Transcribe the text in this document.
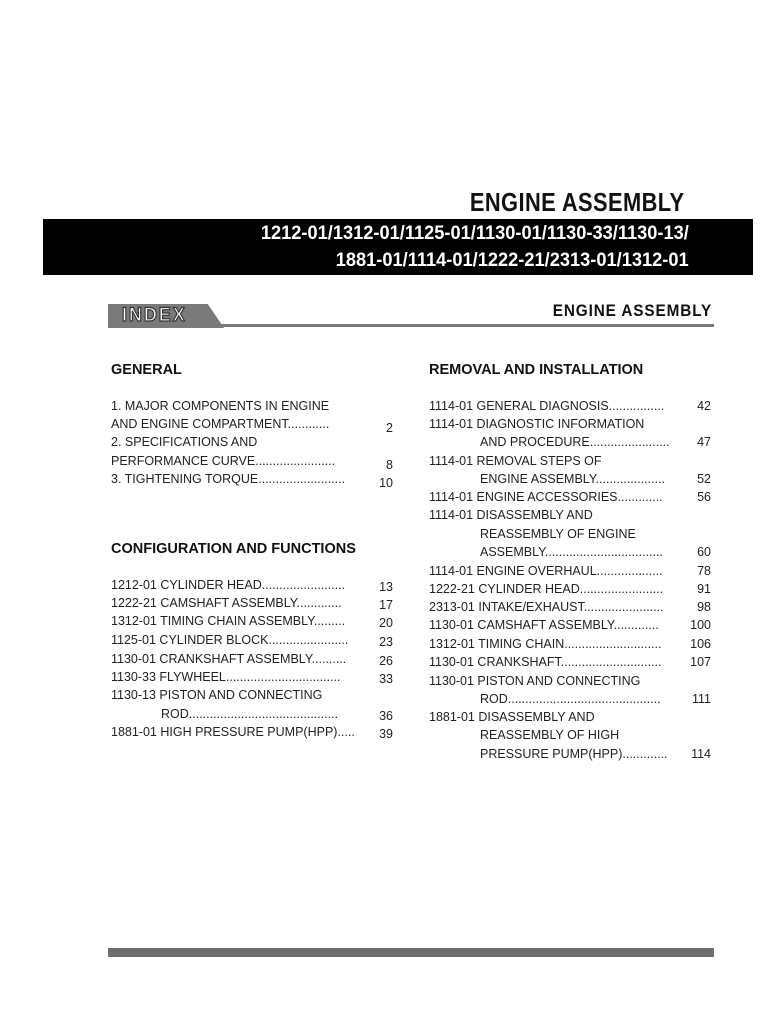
ENGINE ASSEMBLY
1212-01/1312-01/1125-01/1130-01/1130-33/1130-13/
1881-01/1114-01/1222-21/2313-01/1312-01
INDEX	ENGINE ASSEMBLY
GENERAL
1. MAJOR COMPONENTS IN ENGINE
AND ENGINE COMPARTMENT............	2
2. SPECIFICATIONS AND
PERFORMANCE CURVE.......................	8
3. TIGHTENING TORQUE.........................	10
CONFIGURATION AND FUNCTIONS
1212-01 CYLINDER HEAD........................	13
1222-21 CAMSHAFT ASSEMBLY.............	17
1312-01 TIMING CHAIN ASSEMBLY.........	20
1125-01 CYLINDER BLOCK.......................	23
1130-01 CRANKSHAFT ASSEMBLY..........	26
1130-33 FLYWHEEL.................................	33
1130-13 PISTON AND CONNECTING
ROD...........................................	36
1881-01 HIGH PRESSURE PUMP(HPP).....	39
REMOVAL AND INSTALLATION
1114-01 GENERAL DIAGNOSIS................	42
1114-01 DIAGNOSTIC INFORMATION
AND PROCEDURE.......................	47
1114-01 REMOVAL STEPS OF
ENGINE ASSEMBLY....................	52
1114-01 ENGINE ACCESSORIES.............	56
1114-01 DISASSEMBLY AND
REASSEMBLY OF ENGINE
ASSEMBLY..................................	60
1114-01 ENGINE OVERHAUL...................	78
1222-21 CYLINDER HEAD........................	91
2313-01 INTAKE/EXHAUST.......................	98
1130-01 CAMSHAFT ASSEMBLY.............	100
1312-01 TIMING CHAIN............................	106
1130-01 CRANKSHAFT.............................	107
1130-01 PISTON AND CONNECTING
ROD............................................	111
1881-01 DISASSEMBLY AND
REASSEMBLY OF HIGH
PRESSURE PUMP(HPP).............	114
